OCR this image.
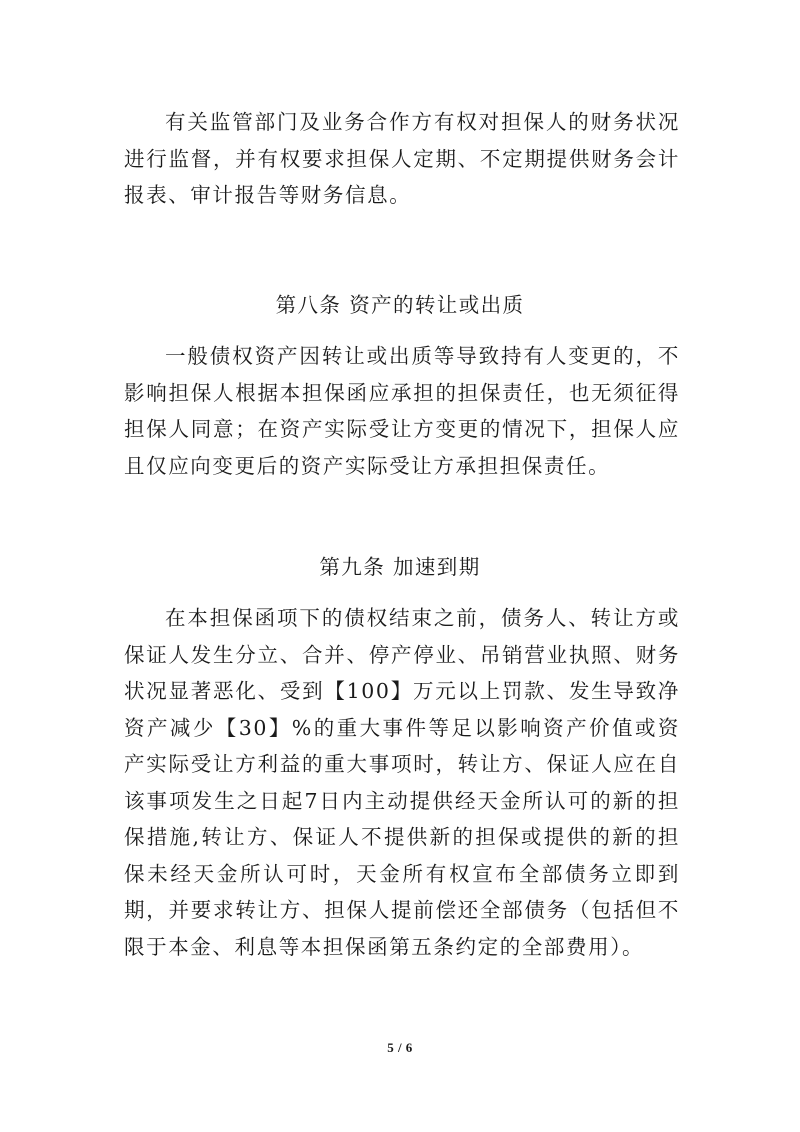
有关监管部门及业务合作方有权对担保人的财务状况进行监督，并有权要求担保人定期、不定期提供财务会计报表、审计报告等财务信息。

第八条 资产的转让或出质

一般债权资产因转让或出质等导致持有人变更的，不影响担保人根据本担保函应承担的担保责任，也无须征得担保人同意；在资产实际受让方变更的情况下，担保人应且仅应向变更后的资产实际受让方承担担保责任。

第九条 加速到期

在本担保函项下的债权结束之前，债务人、转让方或保证人发生分立、合并、停产停业、吊销营业执照、财务状况显著恶化、受到【100】万元以上罚款、发生导致净资产减少【30】%的重大事件等足以影响资产价值或资产实际受让方利益的重大事项时，转让方、保证人应在自该事项发生之日起7日内主动提供经天金所认可的新的担保措施,转让方、保证人不提供新的担保或提供的新的担保未经天金所认可时，天金所有权宣布全部债务立即到期，并要求转让方、担保人提前偿还全部债务（包括但不限于本金、利息等本担保函第五条约定的全部费用）。

5 / 6
